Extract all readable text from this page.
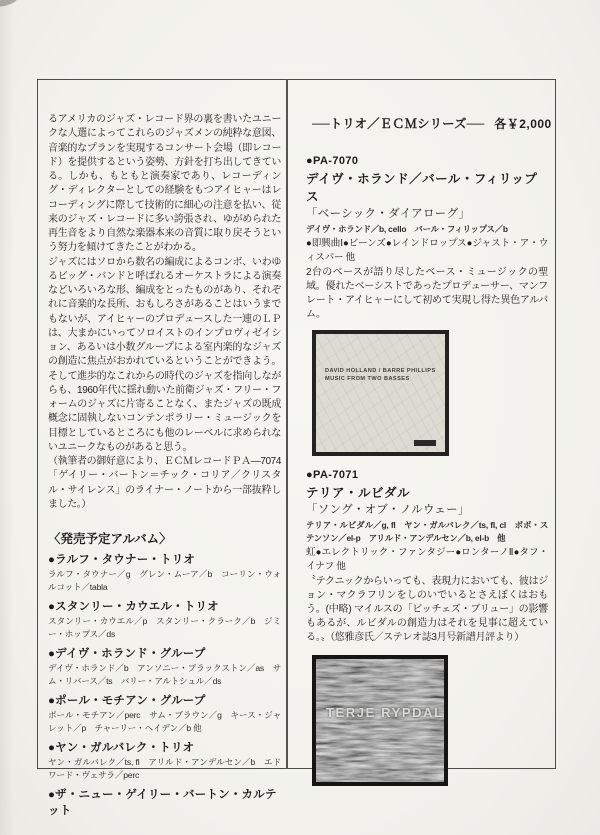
るアメリカのジャズ・レコード界の裏を書いたユニークな人選によってこれらのジャズメンの純粋な意図、音楽的なプランを実現するコンサート会場（即レコード）を提供するという姿勢、方針を打ち出してきている。しかも、もともと演奏家であり、レコーディング・ディレクターとしての経験をもつアイヒャーはレコーディングに際して技術的に細心の注意を払い、従来のジャズ・レコードに多い誇張され、ゆがめられた再生音をより自然な楽器本来の音質に取り戻そうという努力を傾けてきたことがわかる。

ジャズにはソロから数名の編成によるコンボ、いわゆるビッグ・バンドと呼ばれるオーケストラによる演奏などいろいろな形、編成をとったものがあり、それぞれに音楽的な長所、おもしろさがあることはいうまでもないが、アイヒャーのプロデュースした一連のＬＰは、大まかにいってソロイストのインプロヴィゼイション、あるいは小数グループによる室内楽的なジャズの創造に焦点がおかれているということができよう。そして進歩的なこれからの時代のジャズを指向しながらも、1960年代に揺れ動いた前衛ジャズ・フリー・フォームのジャズに片寄ることなく、またジャズの既成概念に固執しないコンテンポラリー・ミュージックを目標としているところにも他のレーベルに求められないユニークなものがあると思う。

（執筆者の御好意により、ＥＣＭレコードＰＡ—7074「ゲイリー・バートン＝チック・コリア／クリスタル・サイレンス」のライナー・ノートから一部抜粋しました。）

〈発売予定アルバム〉
●ラルフ・タウナー・トリオ
ラルフ・タウナー／g　グレン・ムーア／b　コーリン・ウォルコット／tabla
●スタンリー・カウエル・トリオ
スタンリー・カウエル／p　スタンリー・クラーク／b　ジミー・ホップス／ds
●デイヴ・ホランド・グループ
デイヴ・ホランド／b　アンソニー・ブラックストン／as　サム・リバース／ts　バリー・アルトシュル／ds
●ポール・モチアン・グループ
ポール・モチアン／perc　サム・ブラウン／g　キース・ジャレット／p　チャーリー・ヘイデン／b 他
●ヤン・ガルバレク・トリオ
ヤン・ガルバレク／ts, fl　アリルド・アンデルセン／b　エドワード・ヴェサラ／perc
●ザ・ニュー・ゲイリー・バートン・カルテット
──トリオ／ＥＣＭシリーズ── 各￥2,000
●PA-7070
デイヴ・ホランド／バール・フィリップス
「ベーシック・ダイアローグ」
デイヴ・ホランド／b, cello　バール・フィリップス／b
●即興曲Ⅰ●ビーンズ●レインドロップス●ジャスト・ア・ウィスパー 他
2台のベースが語り尽したベース・ミュージックの聖域。優れたベーシストであったプロデューサー、マンフレート・アイヒャーにして初めて実現し得た異色アルバム。
DAVID HOLLAND / BARRE PHILLIPS
MUSIC FROM TWO BASSES
●PA-7071
テリア・ルビダル
「ソング・オブ・ノルウェー」
テリア・ルビダル／g, fl　ヤン・ガルバレク／ts, fl, cl　ボボ・ステンソン／el-p　アリルド・アンデルセン／b, el-b　他
虹●エレクトリック・ファンタジー●ロンターノⅡ●タフ・イナフ 他
〝テクニックからいっても、表現力においても、彼はジョン・マクラフリンをしのいでいるとさえぼくはおもう。(中略) マイルスの「ビッチェズ・ブリュー」の影響もあるが、ルビダルの創造力はそれを見事に超えている。〟（悠雅彦氏／ステレオ誌3月号新譜月評より）
TERJE RYPDAL
